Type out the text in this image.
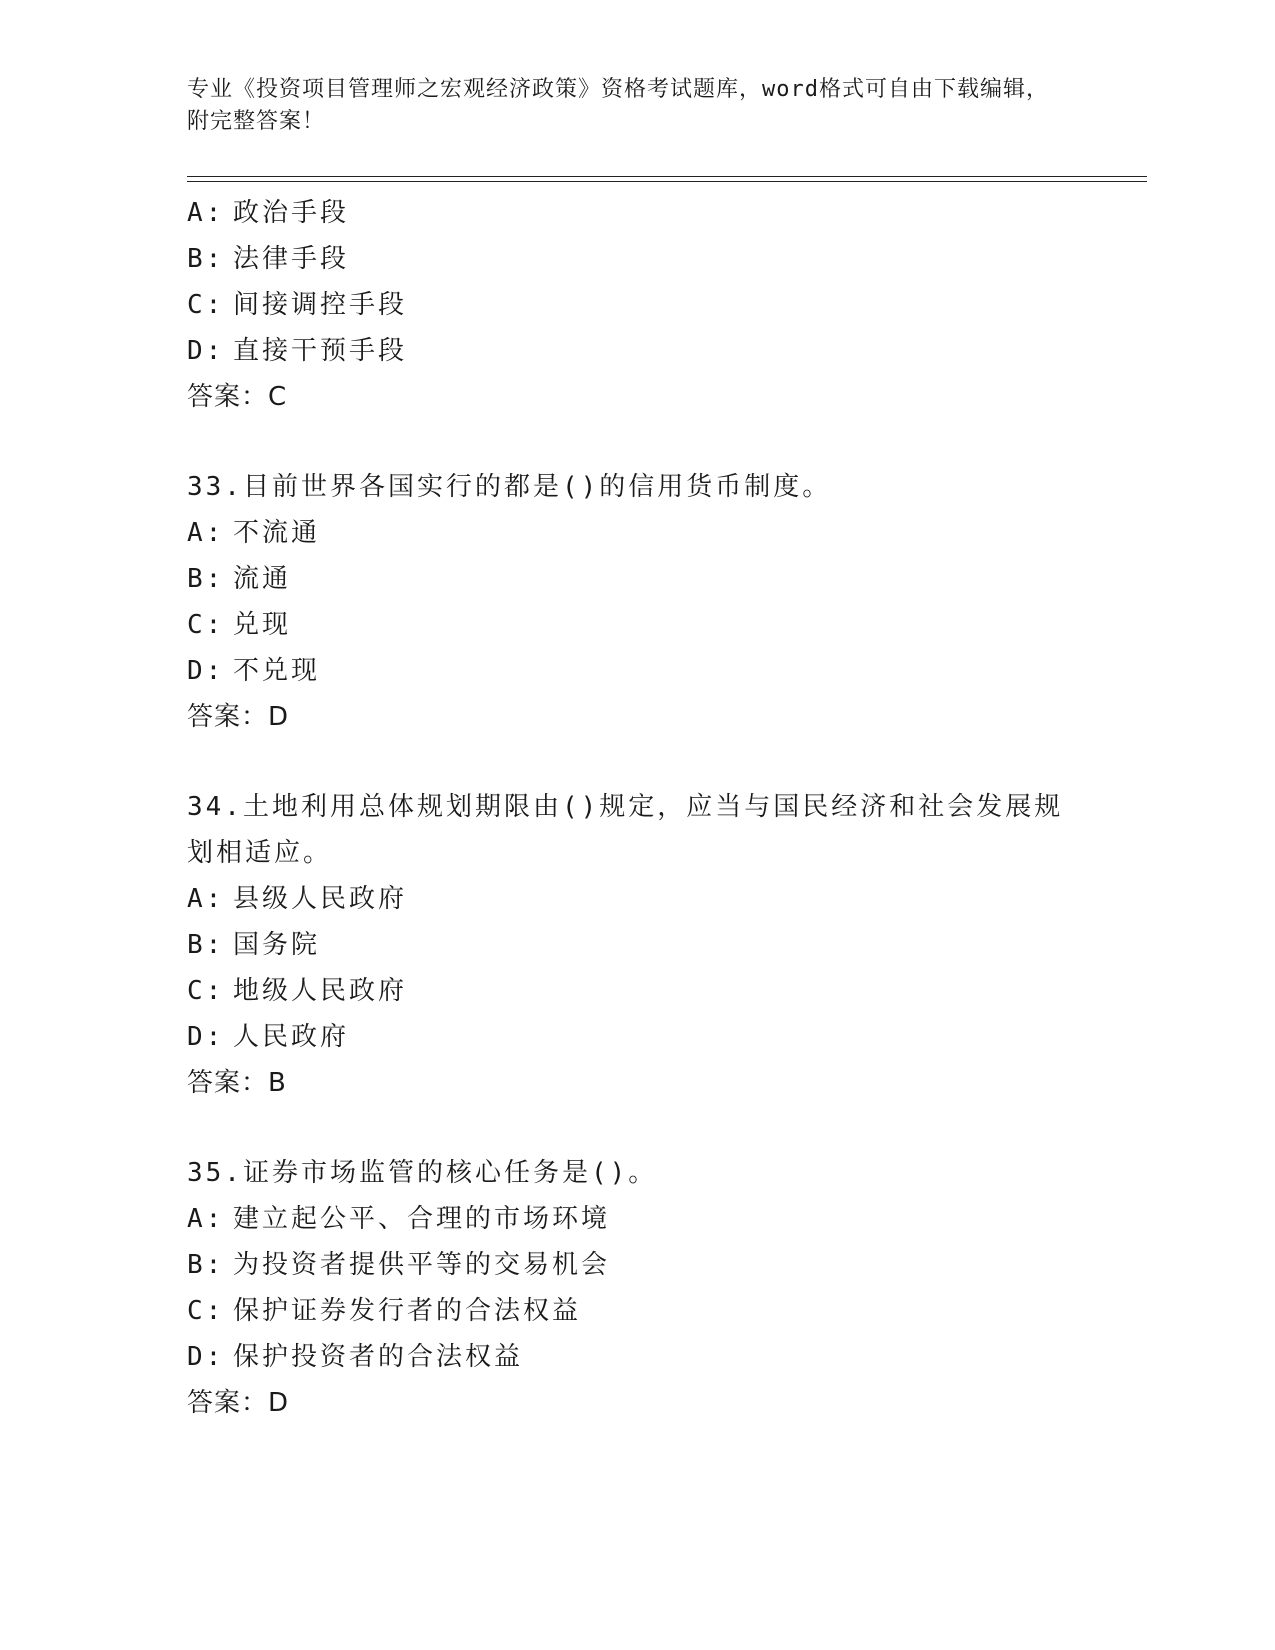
专业《投资项目管理师之宏观经济政策》资格考试题库，word格式可自由下载编辑，附完整答案！
A: 政治手段
B: 法律手段
C: 间接调控手段
D: 直接干预手段
答案：C
33.目前世界各国实行的都是()的信用货币制度。
A: 不流通
B: 流通
C: 兑现
D: 不兑现
答案：D
34.土地利用总体规划期限由()规定，应当与国民经济和社会发展规划相适应。
A: 县级人民政府
B: 国务院
C: 地级人民政府
D: 人民政府
答案：B
35.证券市场监管的核心任务是()。
A: 建立起公平、合理的市场环境
B: 为投资者提供平等的交易机会
C: 保护证券发行者的合法权益
D: 保护投资者的合法权益
答案：D
